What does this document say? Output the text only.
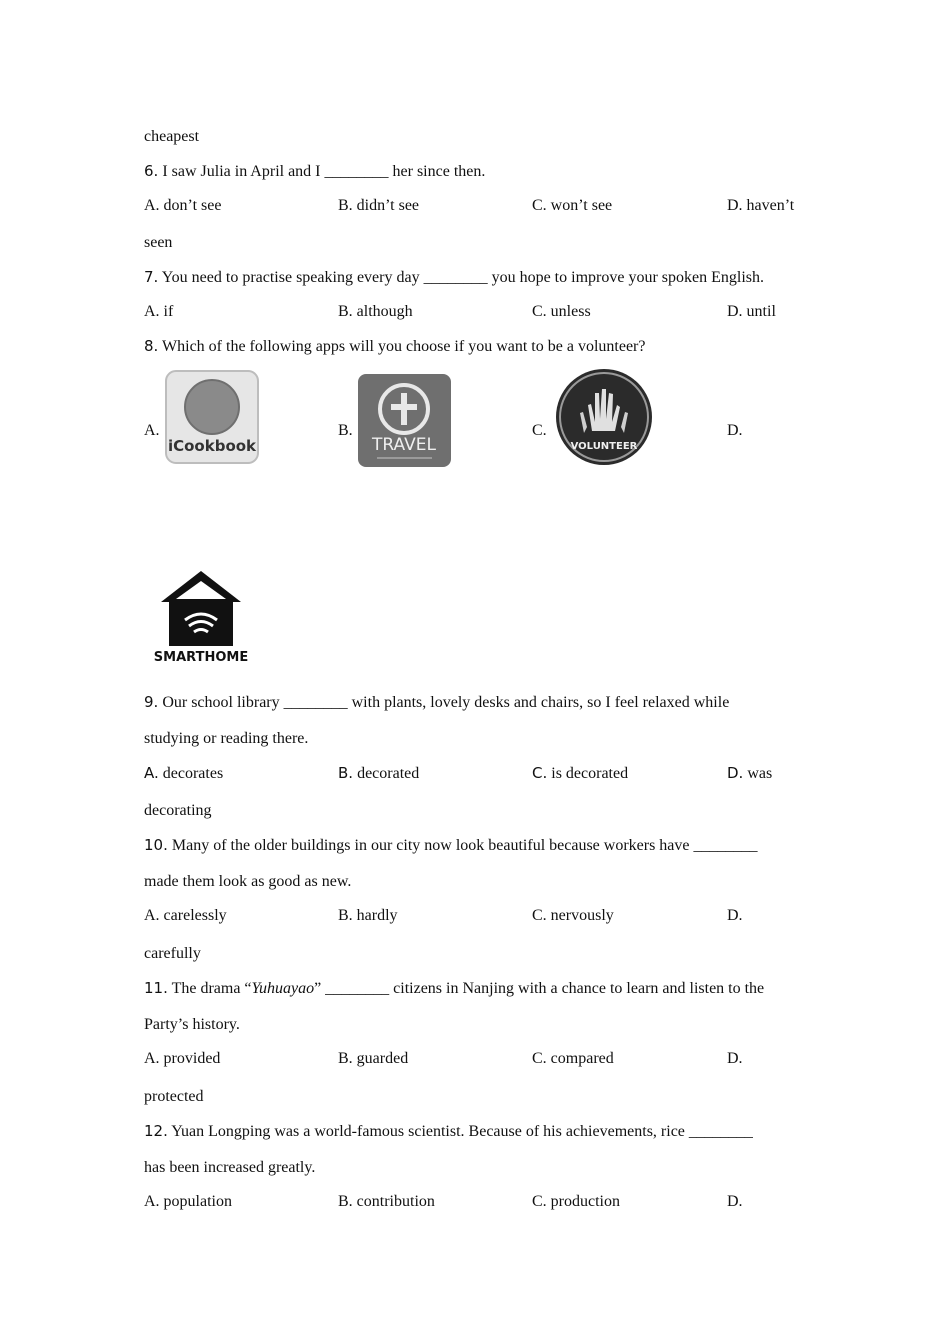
cheapest
6. I saw Julia in April and I ________ her since then.
A. don’t see	B. didn’t see	C. won’t see	D. haven’t
seen
7. You need to practise speaking every day ________ you hope to improve your spoken English.
A. if	B. although	C. unless	D. until
8. Which of the following apps will you choose if you want to be a volunteer?
A.	B.	C.	D.
iCookbook	TRAVEL	VOLUNTEER
SMARTHOME
9. Our school library ________ with plants, lovely desks and chairs, so I feel relaxed while
studying or reading there.
A. decorates	B. decorated	C. is decorated	D. was
decorating
10. Many of the older buildings in our city now look beautiful because workers have ________
made them look as good as new.
A. carelessly	B. hardly	C. nervously	D.
carefully
11. The drama “Yuhuayao” ________ citizens in Nanjing with a chance to learn and listen to the
Party’s history.
A. provided	B. guarded	C. compared	D.
protected
12. Yuan Longping was a world-famous scientist. Because of his achievements, rice ________
has been increased greatly.
A. population	B. contribution	C. production	D.
